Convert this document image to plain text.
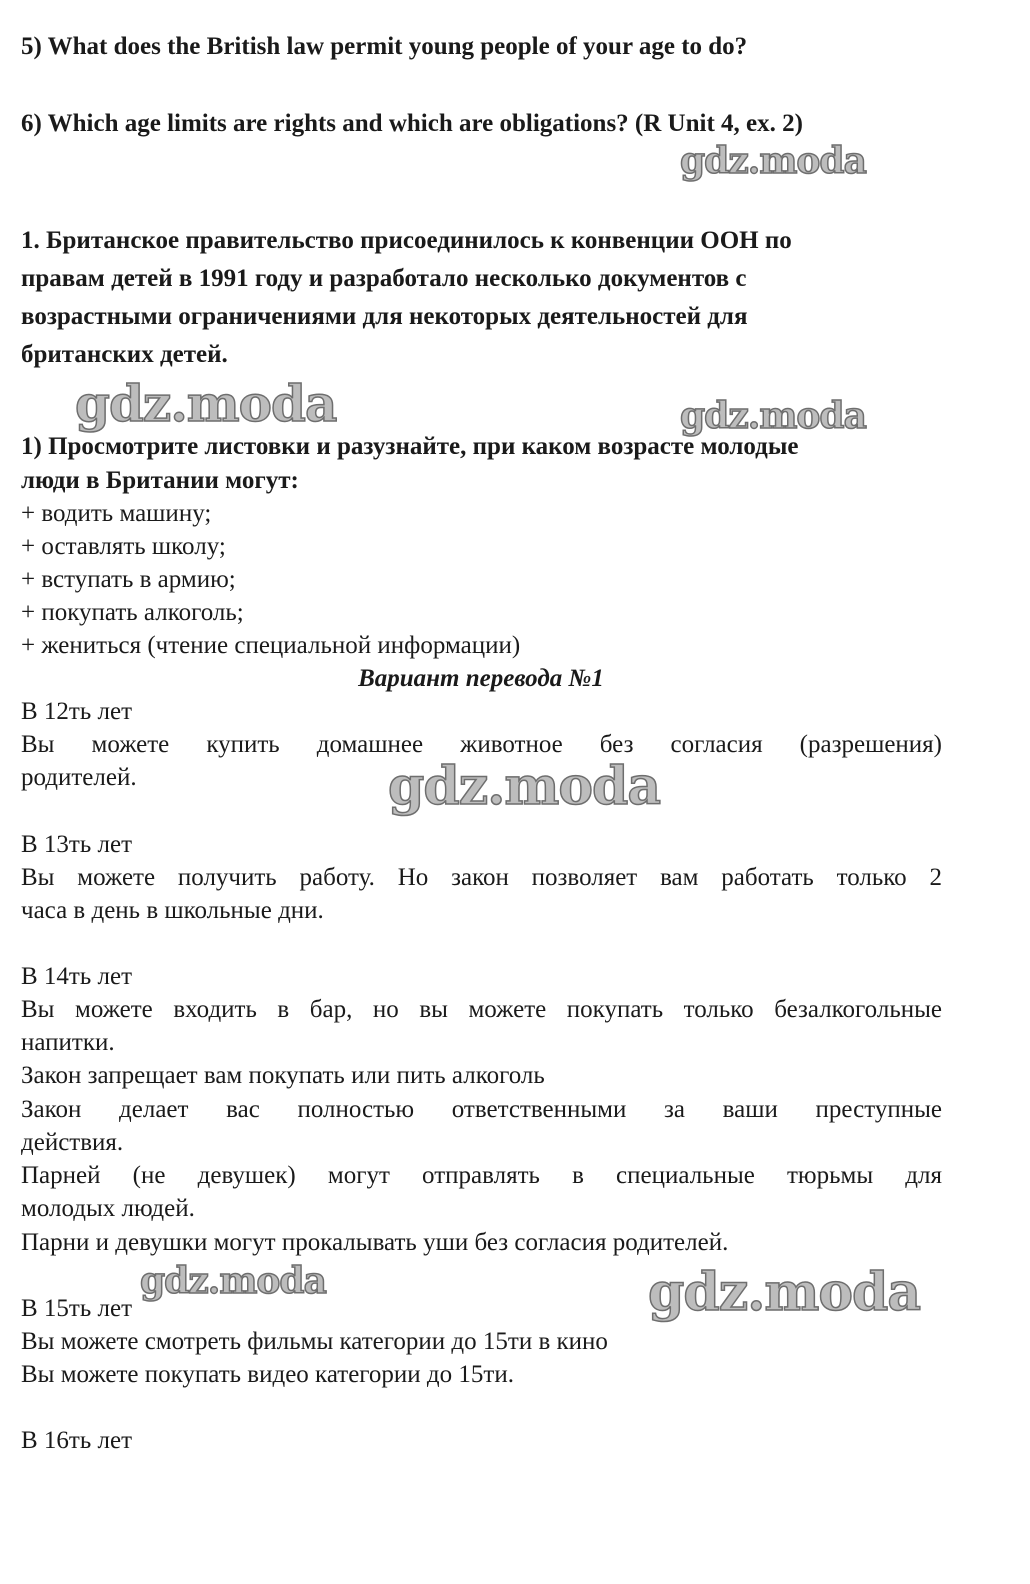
5) What does the British law permit young people of your age to do?
6) Which age limits are rights and which are obligations? (R Unit 4, ex. 2)
1. Британское правительство присоединилось к конвенции ООН по
правам детей в 1991 году и разработало несколько документов с
возрастными ограничениями для некоторых деятельностей для
британских детей.
1) Просмотрите листовки и разузнайте, при каком возрасте молодые
люди в Британии могут:
+ водить машину;
+ оставлять школу;
+ вступать в армию;
+ покупать алкоголь;
+ жениться (чтение специальной информации)
Вариант перевода №1
В 12ть лет
Вы можете купить домашнее животное без согласия (разрешения)
родителей.
В 13ть лет
Вы можете получить работу. Но закон позволяет вам работать только 2
часа в день в школьные дни.
В 14ть лет
Вы можете входить в бар, но вы можете покупать только безалкогольные
напитки.
Закон запрещает вам покупать или пить алкоголь
Закон делает вас полностью ответственными за ваши преступные
действия.
Парней (не девушек) могут отправлять в специальные тюрьмы для
молодых людей.
Парни и девушки могут прокалывать уши без согласия родителей.
В 15ть лет
Вы можете смотреть фильмы категории до 15ти в кино
Вы можете покупать видео категории до 15ти.
В 16ть лет
gdz.moda
gdz.moda	gdz.moda
gdz.moda
gdz.moda	gdz.moda
